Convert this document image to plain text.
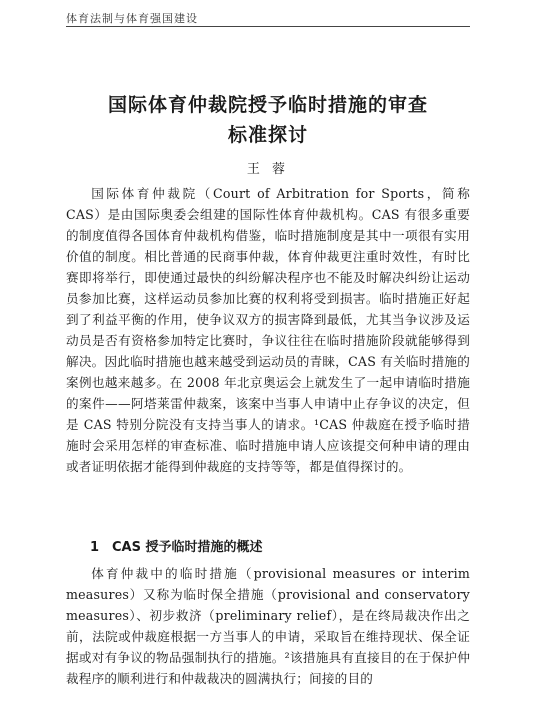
体育法制与体育强国建设
国际体育仲裁院授予临时措施的审查
标准探讨
王 蓉
国际体育仲裁院（Court of Arbitration for Sports，简称 CAS）是由国际奥委会组建的国际性体育仲裁机构。CAS 有很多重要的制度值得各国体育仲裁机构借鉴，临时措施制度是其中一项很有实用价值的制度。相比普通的民商事仲裁，体育仲裁更注重时效性，有时比赛即将举行，即使通过最快的纠纷解决程序也不能及时解决纠纷让运动员参加比赛，这样运动员参加比赛的权利将受到损害。临时措施正好起到了利益平衡的作用，使争议双方的损害降到最低，尤其当争议涉及运动员是否有资格参加特定比赛时，争议往往在临时措施阶段就能够得到解决。因此临时措施也越来越受到运动员的青睐，CAS 有关临时措施的案例也越来越多。在 2008 年北京奥运会上就发生了一起申请临时措施的案件——阿塔莱雷仲裁案，该案中当事人申请中止存争议的决定，但是 CAS 特别分院没有支持当事人的请求。¹CAS 仲裁庭在授予临时措施时会采用怎样的审查标准、临时措施申请人应该提交何种申请的理由或者证明依据才能得到仲裁庭的支持等等，都是值得探讨的。
1 CAS 授予临时措施的概述
体育仲裁中的临时措施（provisional measures or interim measures）又称为临时保全措施（provisional and conservatory measures）、初步救济（preliminary relief），是在终局裁决作出之前，法院或仲裁庭根据一方当事人的申请，采取旨在维持现状、保全证据或对有争议的物品强制执行的措施。²该措施具有直接目的在于保护仲裁程序的顺利进行和仲裁裁决的圆满执行；间接的目的
